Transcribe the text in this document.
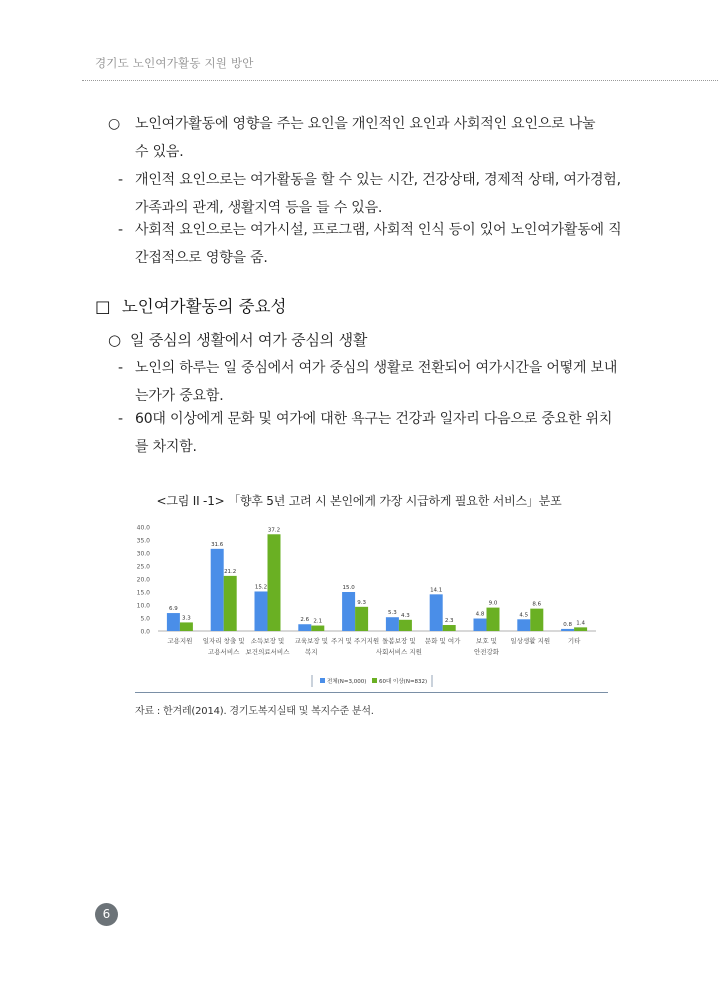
경기도 노인여가활동 지원 방안
○ 노인여가활동에 영향을 주는 요인을 개인적인 요인과 사회적인 요인으로 나눌
수 있음.
- 개인적 요인으로는 여가활동을 할 수 있는 시간, 건강상태, 경제적 상태, 여가경험,
가족과의 관계, 생활지역 등을 들 수 있음.
- 사회적 요인으로는 여가시설, 프로그램, 사회적 인식 등이 있어 노인여가활동에 직
간접적으로 영향을 줌.
□ 노인여가활동의 중요성
○ 일 중심의 생활에서 여가 중심의 생활
- 노인의 하루는 일 중심에서 여가 중심의 생활로 전환되어 여가시간을 어떻게 보내
는가가 중요함.
- 60대 이상에게 문화 및 여가에 대한 욕구는 건강과 일자리 다음으로 중요한 위치
를 차지함.
<그림 II -1> 「향후 5년 고려 시 본인에게 가장 시급하게 필요한 서비스」분포
40.0
35.0
30.0
25.0
20.0
15.0
10.0
5.0
0.0
6.9
3.3
고용지원
31.6
21.2
일자리 창출 및
고용서비스
15.2
37.2
소득보장 및
보건의료서비스
2.6 2.1
교육보장 및
복지
15.0
9.3
주거 및 주거지원
5.3 4.3
돌봄보장 및
사회서비스 지원
14.1
2.3
문화 및 여가
4.8
9.0
보호 및
안전강화
4.5
8.6
일상생활 지원
0.8 1.4
기타
전체(N=3,000) 60대 이상(N=832)
자료 : 한겨레(2014). 경기도복지실태 및 복지수준 분석.
6
